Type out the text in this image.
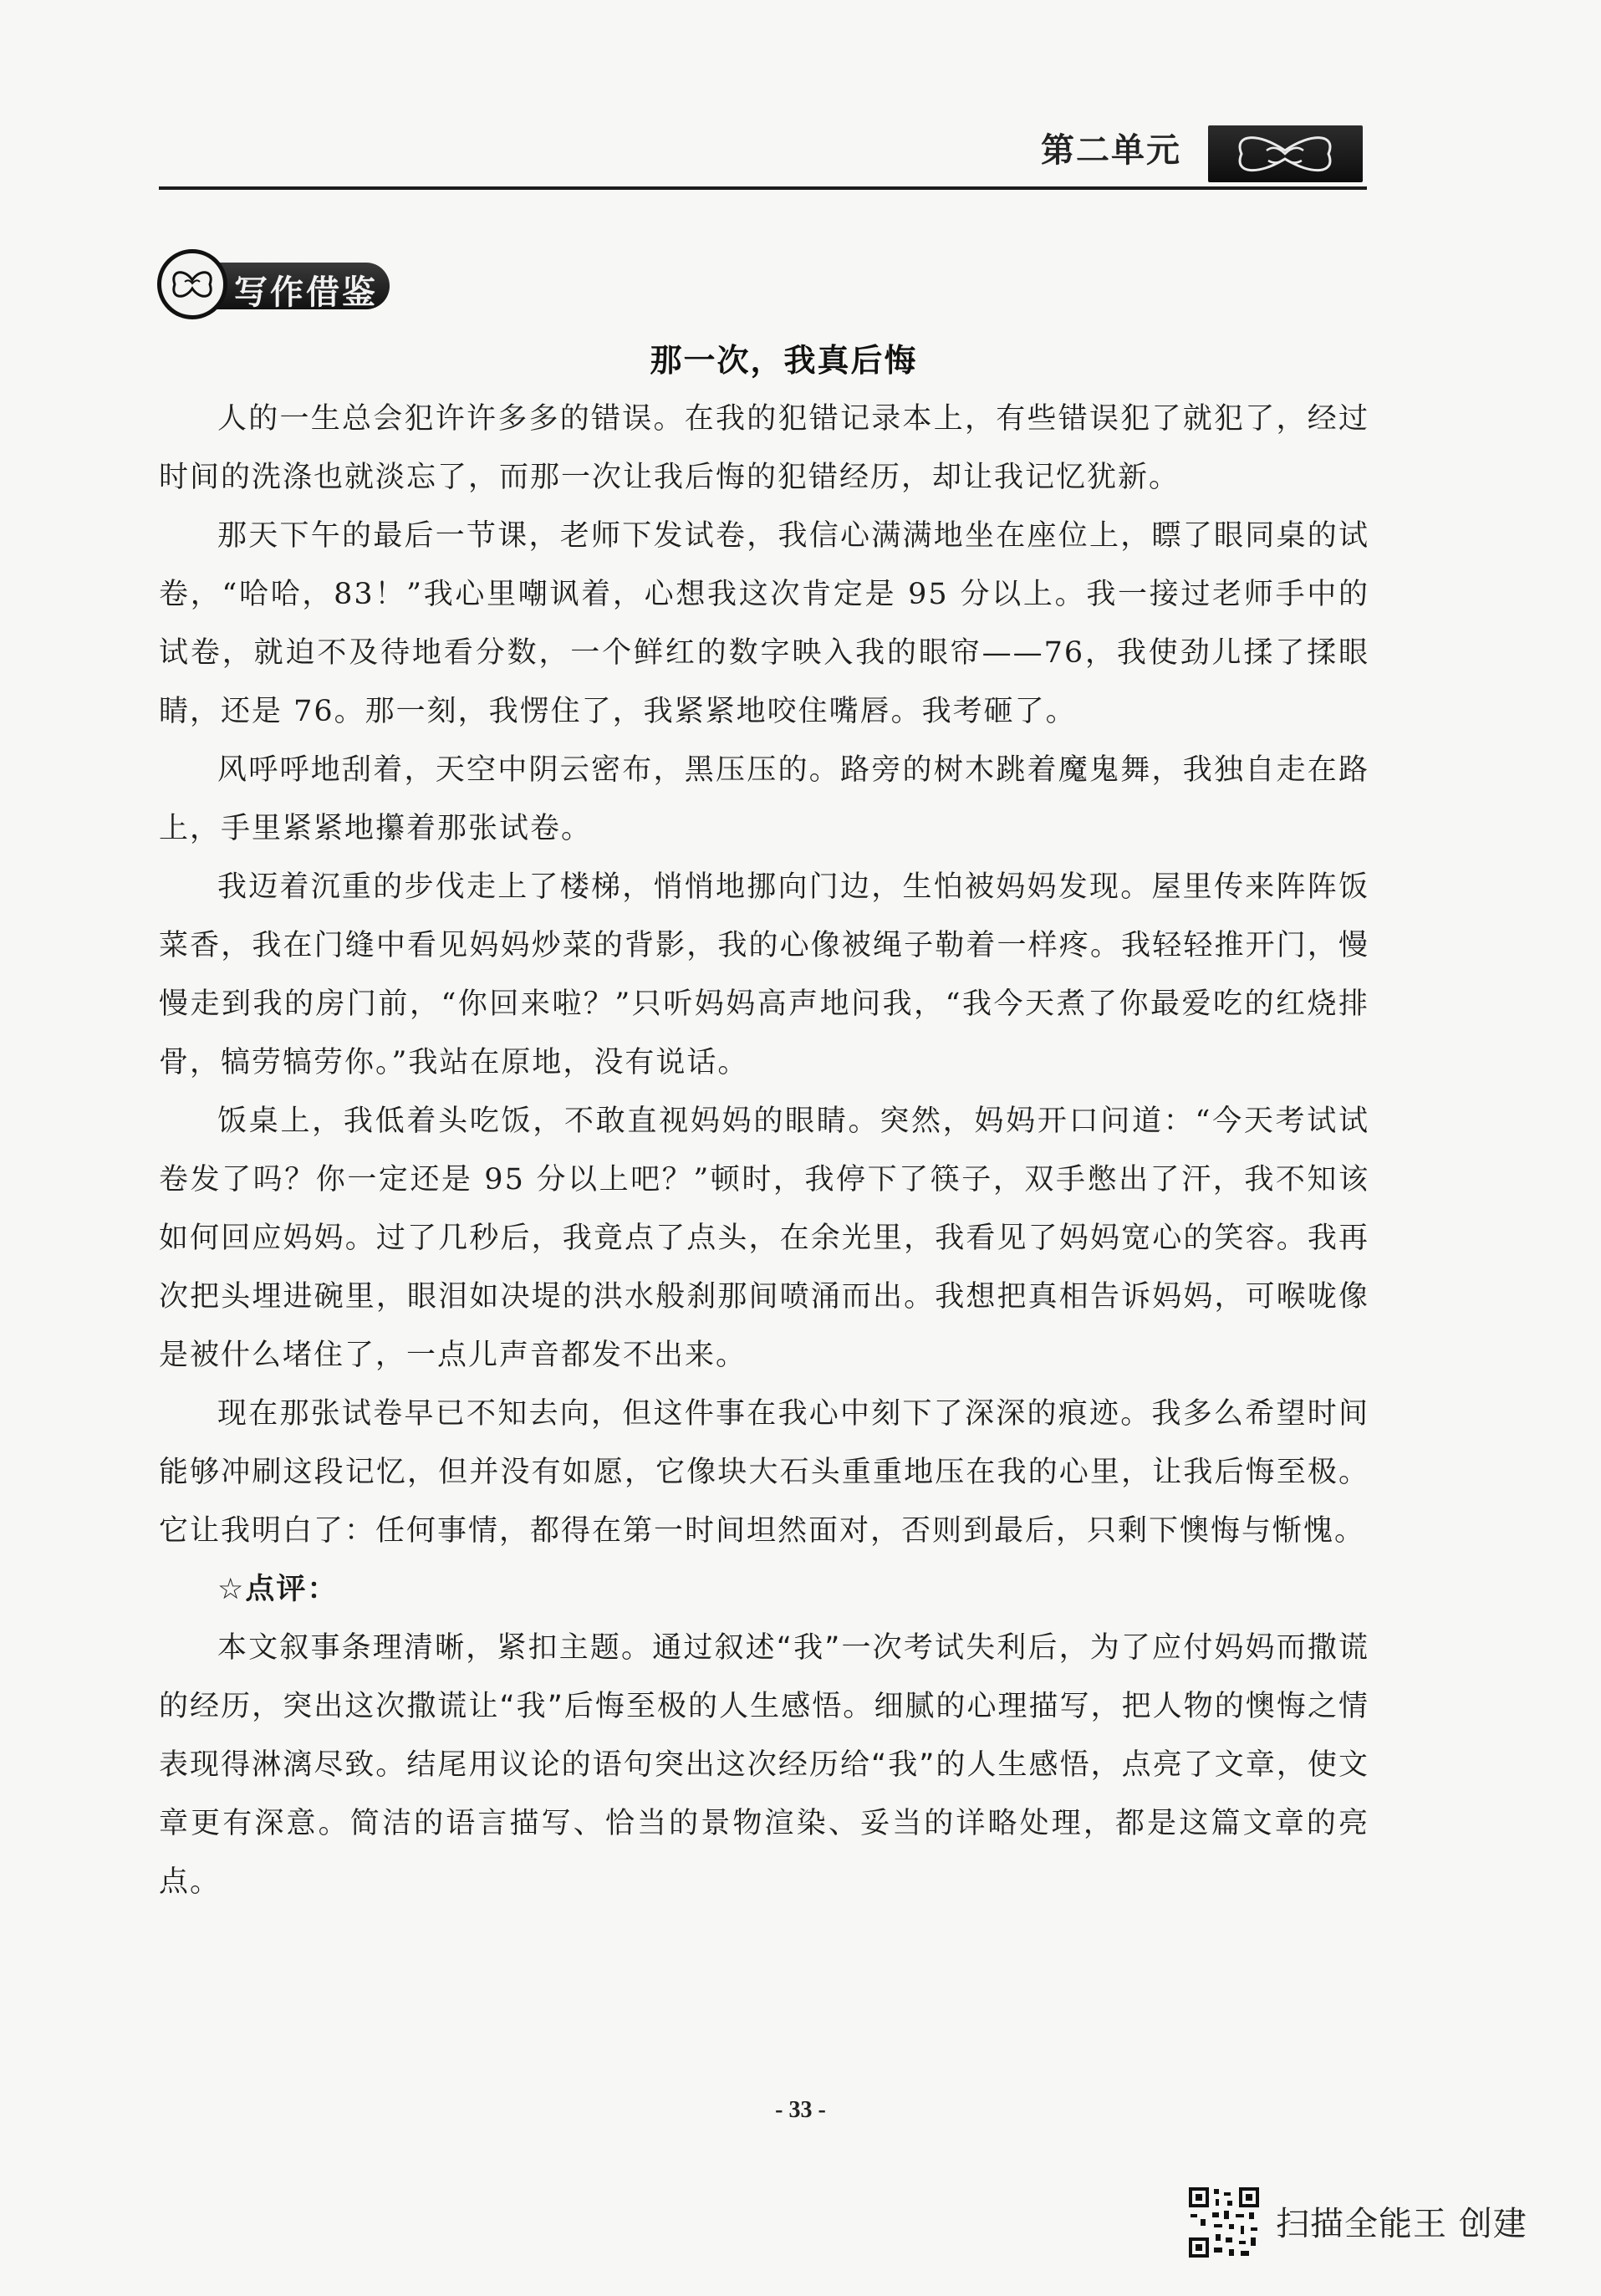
第二单元
写作借鉴
那一次，我真后悔

人的一生总会犯许许多多的错误。在我的犯错记录本上，有些错误犯了就犯了，经过时间的洗涤也就淡忘了，而那一次让我后悔的犯错经历，却让我记忆犹新。

那天下午的最后一节课，老师下发试卷，我信心满满地坐在座位上，瞟了眼同桌的试卷，“哈哈，83！”我心里嘲讽着，心想我这次肯定是 95 分以上。我一接过老师手中的试卷，就迫不及待地看分数，一个鲜红的数字映入我的眼帘——76，我使劲儿揉了揉眼睛，还是 76。那一刻，我愣住了，我紧紧地咬住嘴唇。我考砸了。

风呼呼地刮着，天空中阴云密布，黑压压的。路旁的树木跳着魔鬼舞，我独自走在路上，手里紧紧地攥着那张试卷。

我迈着沉重的步伐走上了楼梯，悄悄地挪向门边，生怕被妈妈发现。屋里传来阵阵饭菜香，我在门缝中看见妈妈炒菜的背影，我的心像被绳子勒着一样疼。我轻轻推开门，慢慢走到我的房门前，“你回来啦？”只听妈妈高声地问我，“我今天煮了你最爱吃的红烧排骨，犒劳犒劳你。”我站在原地，没有说话。

饭桌上，我低着头吃饭，不敢直视妈妈的眼睛。突然，妈妈开口问道：“今天考试试卷发了吗？你一定还是 95 分以上吧？”顿时，我停下了筷子，双手憋出了汗，我不知该如何回应妈妈。过了几秒后，我竟点了点头，在余光里，我看见了妈妈宽心的笑容。我再次把头埋进碗里，眼泪如决堤的洪水般刹那间喷涌而出。我想把真相告诉妈妈，可喉咙像是被什么堵住了，一点儿声音都发不出来。

现在那张试卷早已不知去向，但这件事在我心中刻下了深深的痕迹。我多么希望时间能够冲刷这段记忆，但并没有如愿，它像块大石头重重地压在我的心里，让我后悔至极。它让我明白了：任何事情，都得在第一时间坦然面对，否则到最后，只剩下懊悔与惭愧。

☆点评：

本文叙事条理清晰，紧扣主题。通过叙述“我”一次考试失利后，为了应付妈妈而撒谎的经历，突出这次撒谎让“我”后悔至极的人生感悟。细腻的心理描写，把人物的懊悔之情表现得淋漓尽致。结尾用议论的语句突出这次经历给“我”的人生感悟，点亮了文章，使文章更有深意。简洁的语言描写、恰当的景物渲染、妥当的详略处理，都是这篇文章的亮点。

- 33 -
扫描全能王 创建
